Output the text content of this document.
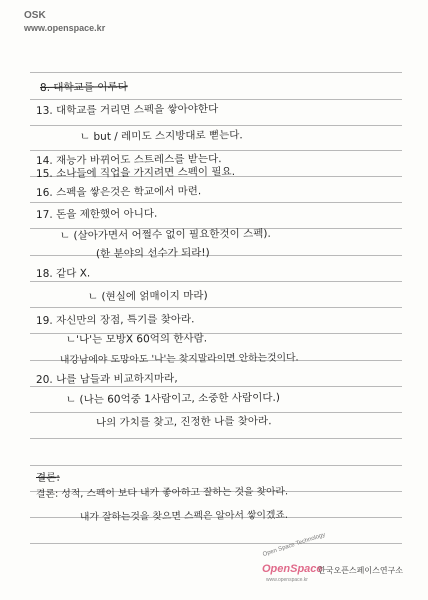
OSK
www.openspace.kr
8. 대학교를 이루다
13. 대학교를 거리면 스펙을 쌓아야한다
ㄴ but / 레미도 스지방대로 뻗는다.
14. 재능가 바뀌어도 스트레스를 받는다.
15. 소나들에 직업을 가지려면 스펙이 필요.
16. 스펙을 쌓은것은 학교에서 마련.
17. 돈을 제한했어 아니다.
ㄴ (살아가면서 어쩔수 없이 필요한것이 스펙).
(한 분야의 선수가 되라!)
18. 같다 X.
ㄴ (현실에 얽매이지 마라)
19. 자신만의 장점, 특기를 찾아라.
ㄴ'나'는 모방X 60억의 한사람.
내강남에야 도망아도 '나'는 찾지말라이면 안하는것이다.
20. 나를 남들과 비교하지마라,
ㄴ (나는 60억중 1사람이고, 소중한 사람이다.)
나의 가치를 찾고, 진정한 나를 찾아라.
결론:
결론: 성적, 스펙이 보다 내가 좋아하고 잘하는 것을 찾아라.
내가 잘하는것을 찾으면 스펙은 알아서 쌓이겠죠.
Open Space Technology
OpenSpace
한국오픈스페이스연구소
www.openspace.kr
